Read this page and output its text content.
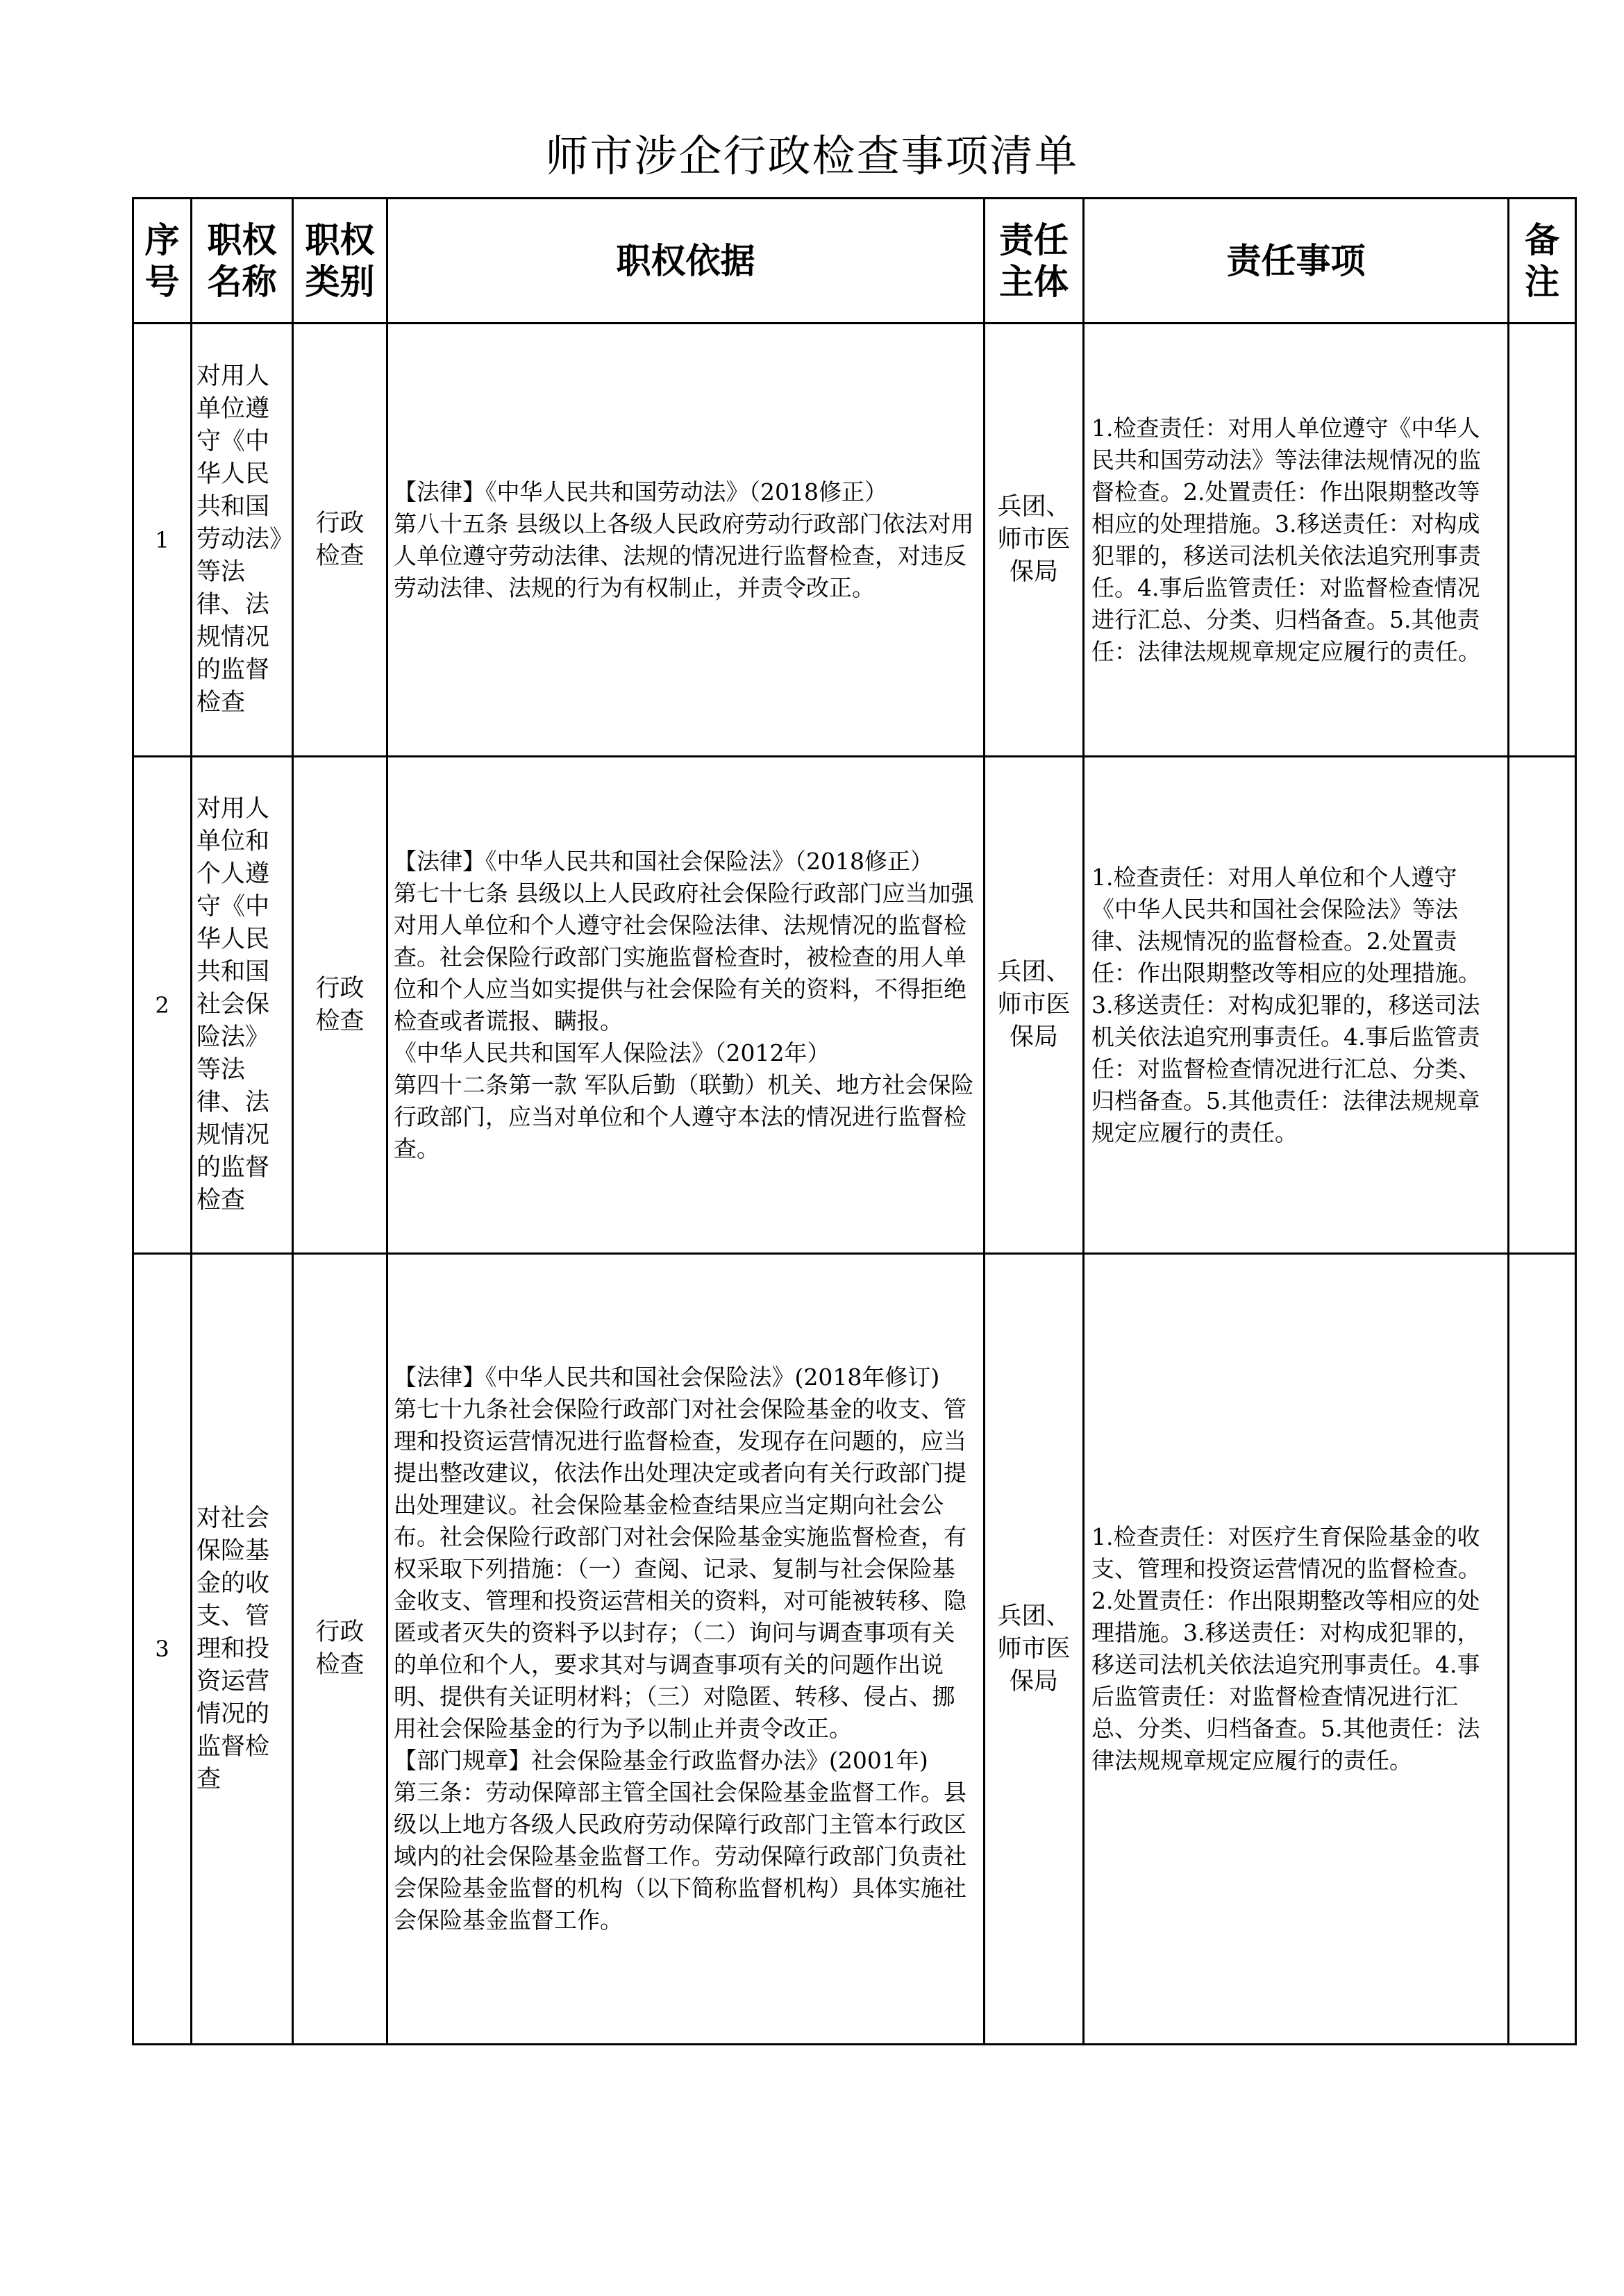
师市涉企行政检查事项清单
序号	职权名称	职权类别	职权依据	责任主体	责任事项	备注
1	对用人单位遵守《中华人民共和国劳动法》等法律、法规情况的监督检查	行政检查	【法律】《中华人民共和国劳动法》（2018修正）
第八十五条 县级以上各级人民政府劳动行政部门依法对用人单位遵守劳动法律、法规的情况进行监督检查，对违反劳动法律、法规的行为有权制止，并责令改正。	兵团、师市医保局	1.检查责任：对用人单位遵守《中华人民共和国劳动法》等法律法规情况的监督检查。2.处置责任：作出限期整改等相应的处理措施。3.移送责任：对构成犯罪的，移送司法机关依法追究刑事责任。4.事后监管责任：对监督检查情况进行汇总、分类、归档备查。5.其他责任：法律法规规章规定应履行的责任。	

2	对用人单位和个人遵守《中华人民共和国社会保险法》等法律、法规情况的监督检查	行政检查	【法律】《中华人民共和国社会保险法》（2018修正）
第七十七条 县级以上人民政府社会保险行政部门应当加强对用人单位和个人遵守社会保险法律、法规情况的监督检查。社会保险行政部门实施监督检查时，被检查的用人单位和个人应当如实提供与社会保险有关的资料，不得拒绝检查或者谎报、瞒报。
《中华人民共和国军人保险法》（2012年）
第四十二条第一款 军队后勤（联勤）机关、地方社会保险行政部门，应当对单位和个人遵守本法的情况进行监督检查。	兵团、师市医保局	1.检查责任：对用人单位和个人遵守《中华人民共和国社会保险法》等法律、法规情况的监督检查。2.处置责任：作出限期整改等相应的处理措施。3.移送责任：对构成犯罪的，移送司法机关依法追究刑事责任。4.事后监管责任：对监督检查情况进行汇总、分类、归档备查。5.其他责任：法律法规规章规定应履行的责任。	

3	对社会保险基金的收支、管理和投资运营情况的监督检查	行政检查	【法律】《中华人民共和国社会保险法》(2018年修订)
第七十九条社会保险行政部门对社会保险基金的收支、管理和投资运营情况进行监督检查，发现存在问题的，应当提出整改建议，依法作出处理决定或者向有关行政部门提出处理建议。社会保险基金检查结果应当定期向社会公布。社会保险行政部门对社会保险基金实施监督检查，有权采取下列措施：（一）查阅、记录、复制与社会保险基金收支、管理和投资运营相关的资料，对可能被转移、隐匿或者灭失的资料予以封存；（二）询问与调查事项有关的单位和个人，要求其对与调查事项有关的问题作出说明、提供有关证明材料；（三）对隐匿、转移、侵占、挪用社会保险基金的行为予以制止并责令改正。
【部门规章】社会保险基金行政监督办法》(2001年)
第三条：劳动保障部主管全国社会保险基金监督工作。县级以上地方各级人民政府劳动保障行政部门主管本行政区域内的社会保险基金监督工作。劳动保障行政部门负责社会保险基金监督的机构（以下简称监督机构）具体实施社会保险基金监督工作。	兵团、师市医保局	1.检查责任：对医疗生育保险基金的收支、管理和投资运营情况的监督检查。2.处置责任：作出限期整改等相应的处理措施。3.移送责任：对构成犯罪的，移送司法机关依法追究刑事责任。4.事后监管责任：对监督检查情况进行汇总、分类、归档备查。5.其他责任：法律法规规章规定应履行的责任。	
